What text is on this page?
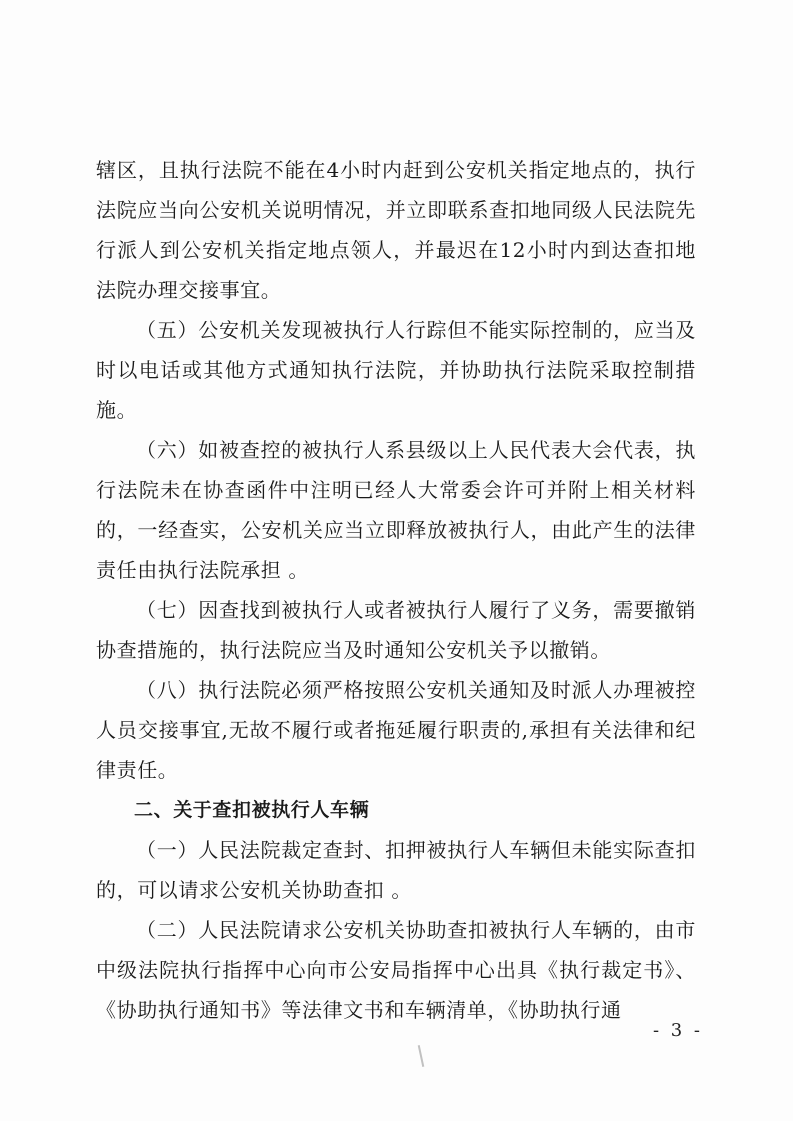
辖区，且执行法院不能在4小时内赶到公安机关指定地点的，执行法院应当向公安机关说明情况，并立即联系查扣地同级人民法院先行派人到公安机关指定地点领人，并最迟在12小时内到达查扣地法院办理交接事宜。

（五）公安机关发现被执行人行踪但不能实际控制的，应当及时以电话或其他方式通知执行法院，并协助执行法院采取控制措施。

（六）如被查控的被执行人系县级以上人民代表大会代表，执行法院未在协查函件中注明已经人大常委会许可并附上相关材料的，一经查实，公安机关应当立即释放被执行人，由此产生的法律责任由执行法院承担 。

（七）因查找到被执行人或者被执行人履行了义务，需要撤销协查措施的，执行法院应当及时通知公安机关予以撤销。

（八）执行法院必须严格按照公安机关通知及时派人办理被控人员交接事宜,无故不履行或者拖延履行职责的,承担有关法律和纪律责任。

二、关于查扣被执行人车辆

（一）人民法院裁定查封、扣押被执行人车辆但未能实际查扣的，可以请求公安机关协助查扣 。

（二）人民法院请求公安机关协助查扣被执行人车辆的，由市中级法院执行指挥中心向市公安局指挥中心出具《执行裁定书》、《协助执行通知书》等法律文书和车辆清单，《协助执行通

- 3 -
